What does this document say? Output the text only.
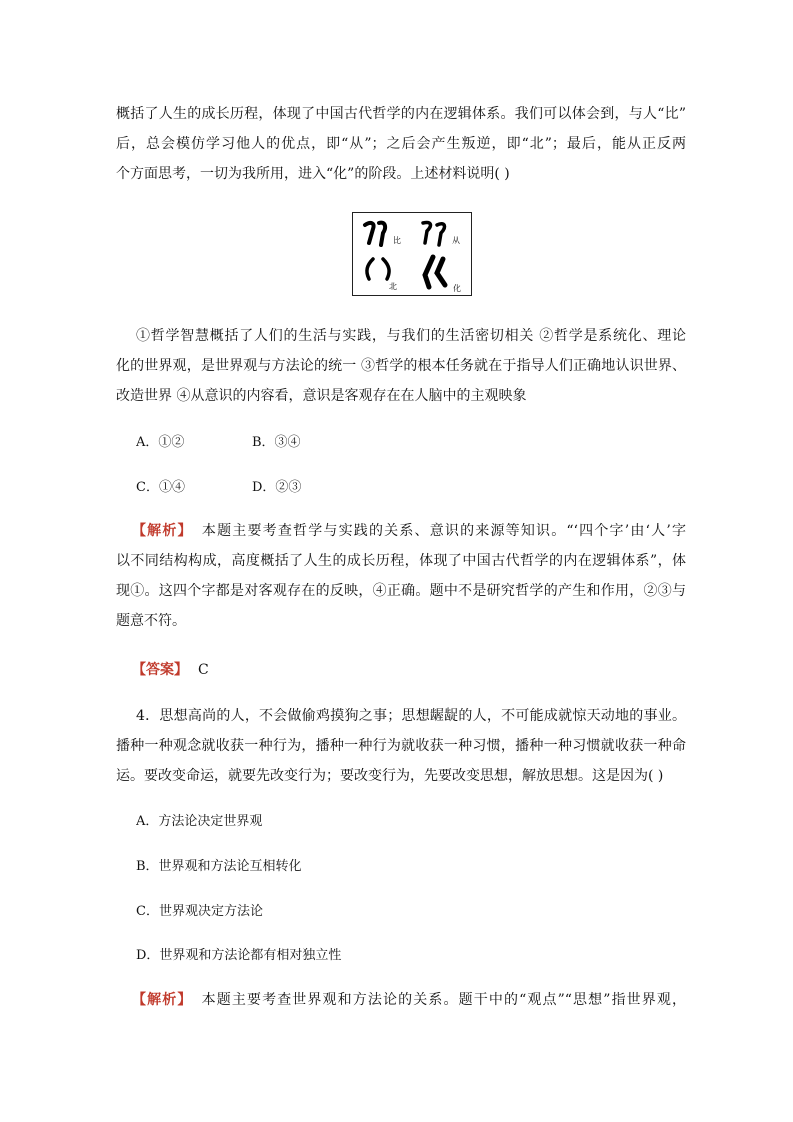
概括了人生的成长历程，体现了中国古代哲学的内在逻辑体系。我们可以体会到，与人“比”
后，总会模仿学习他人的优点，即“从”；之后会产生叛逆，即“北”；最后，能从正反两
个方面思考，一切为我所用，进入“化”的阶段。上述材料说明( )
比	从
北	化
①哲学智慧概括了人们的生活与实践，与我们的生活密切相关 ②哲学是系统化、理论
化的世界观，是世界观与方法论的统一 ③哲学的根本任务就在于指导人们正确地认识世界、
改造世界 ④从意识的内容看，意识是客观存在在人脑中的主观映象
A．①②	B．③④
C．①④	D．②③
【解析】 本题主要考查哲学与实践的关系、意识的来源等知识。“‘四个字’由‘人’字
以不同结构构成，高度概括了人生的成长历程，体现了中国古代哲学的内在逻辑体系”，体
现①。这四个字都是对客观存在的反映，④正确。题中不是研究哲学的产生和作用，②③与
题意不符。
【答案】 C
4．思想高尚的人，不会做偷鸡摸狗之事；思想龌龊的人，不可能成就惊天动地的事业。
播种一种观念就收获一种行为，播种一种行为就收获一种习惯，播种一种习惯就收获一种命
运。要改变命运，就要先改变行为；要改变行为，先要改变思想，解放思想。这是因为( )
A．方法论决定世界观
B．世界观和方法论互相转化
C．世界观决定方法论
D．世界观和方法论都有相对独立性
【解析】 本题主要考查世界观和方法论的关系。题干中的“观点”“思想”指世界观，
